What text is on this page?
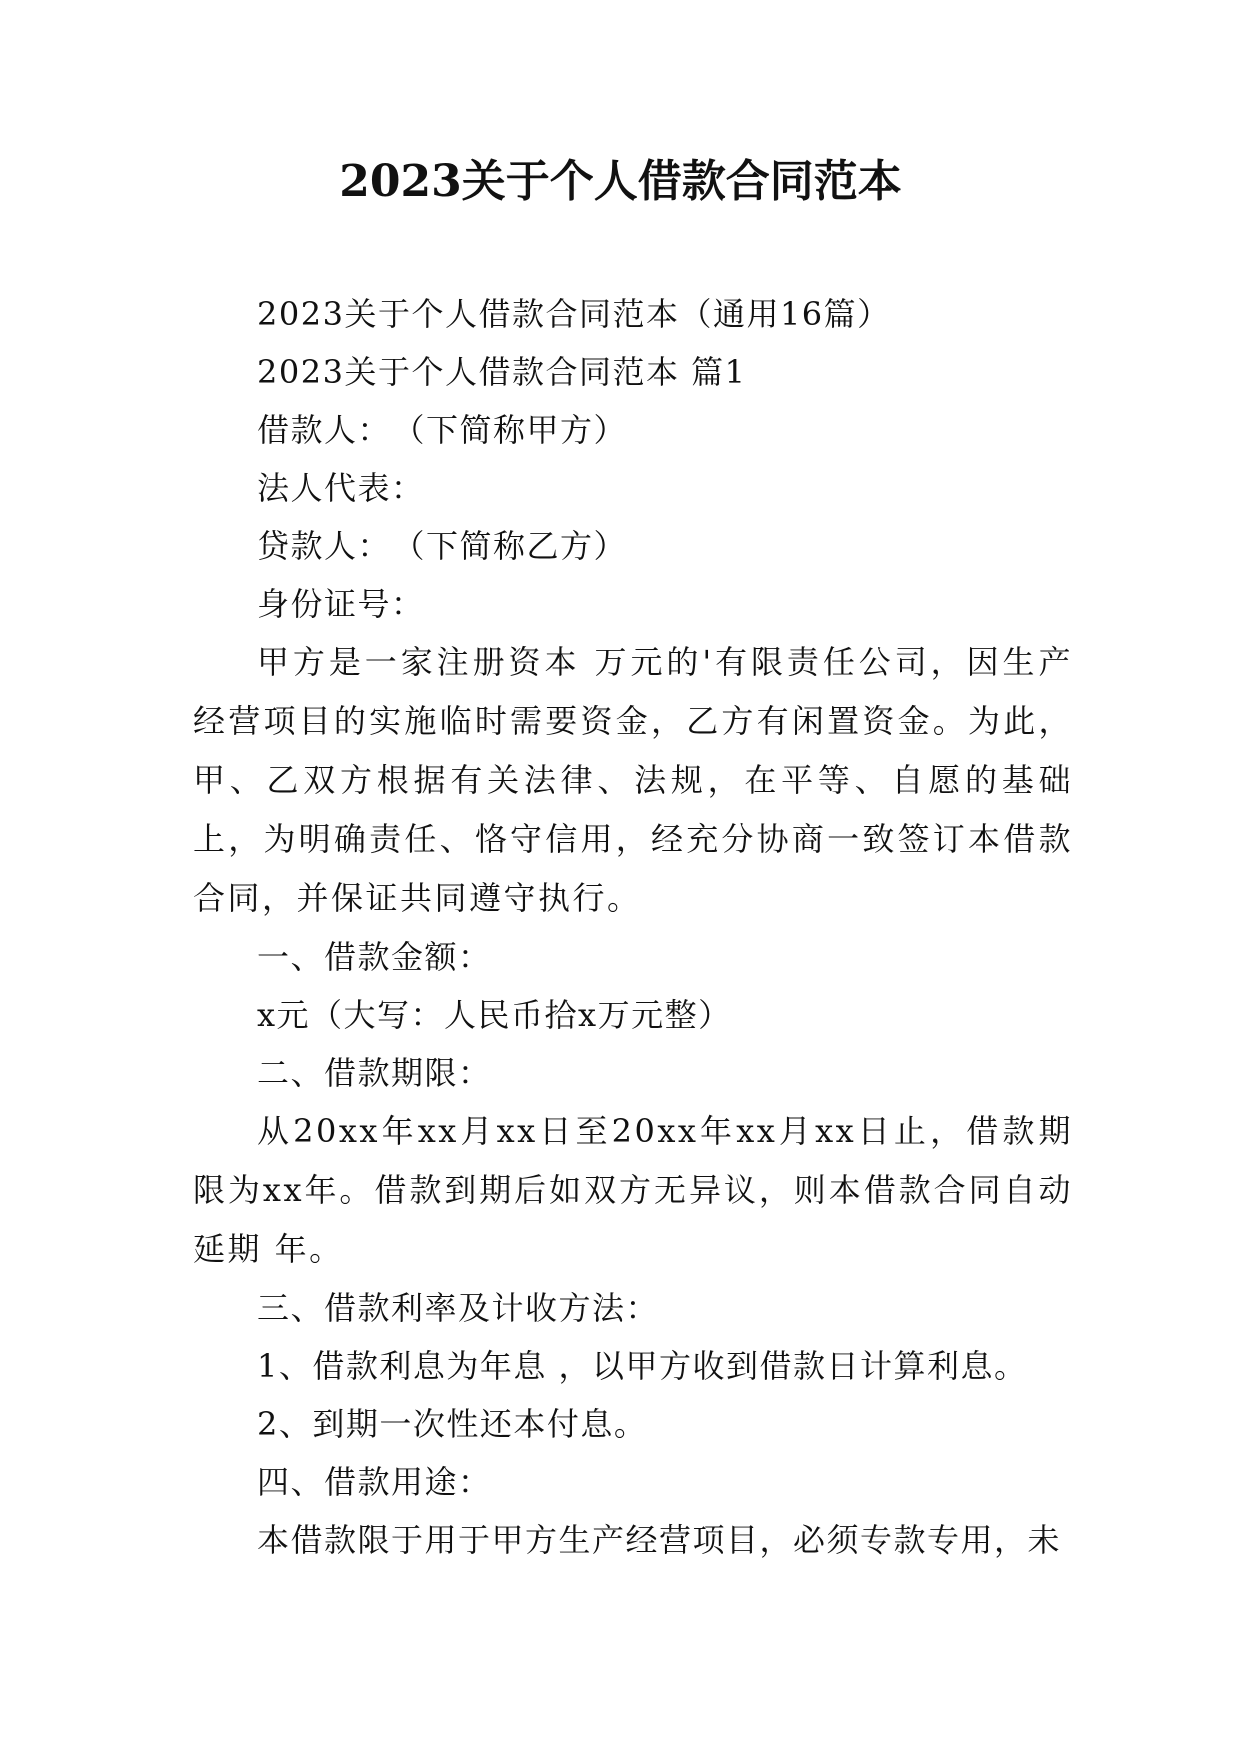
2023关于个人借款合同范本

2023关于个人借款合同范本（通用16篇）

2023关于个人借款合同范本 篇1

借款人：　（下简称甲方）

法人代表：

贷款人：　（下简称乙方）

身份证号：

甲方是一家注册资本 万元的'有限责任公司，因生产经营项目的实施临时需要资金，乙方有闲置资金。为此，甲、乙双方根据有关法律、法规，在平等、自愿的基础上，为明确责任、恪守信用，经充分协商一致签订本借款合同，并保证共同遵守执行。

一、借款金额：

x元（大写：人民币拾x万元整）

二、借款期限：

从20xx年xx月xx日至20xx年xx月xx日止，借款期限为xx年。借款到期后如双方无异议，则本借款合同自动延期 年。

三、借款利率及计收方法：

1、借款利息为年息 ，以甲方收到借款日计算利息。

2、到期一次性还本付息。

四、借款用途：

本借款限于用于甲方生产经营项目，必须专款专用，未
